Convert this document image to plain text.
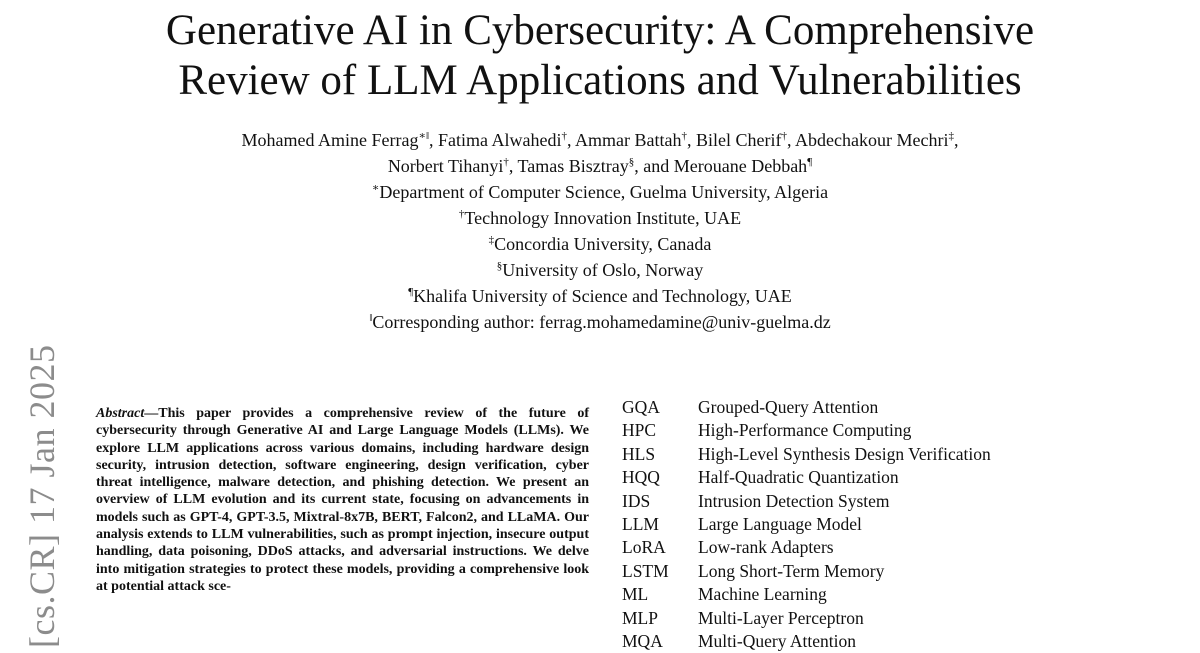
Generative AI in Cybersecurity: A Comprehensive
Review of LLM Applications and Vulnerabilities
Mohamed Amine Ferrag∗‖, Fatima Alwahedi†, Ammar Battah†, Bilel Cherif†, Abdechakour Mechri‡,
Norbert Tihanyi†, Tamas Bisztray§, and Merouane Debbah¶
∗Department of Computer Science, Guelma University, Algeria
†Technology Innovation Institute, UAE
‡Concordia University, Canada
§University of Oslo, Norway
¶Khalifa University of Science and Technology, UAE
‖Corresponding author: ferrag.mohamedamine@univ-guelma.dz
[cs.CR] 17 Jan 2025 Abstract—This paper provides a comprehensive review of the future of cybersecurity through Generative AI and Large Language Models (LLMs). We explore LLM applications across various domains, including hardware design security, intrusion detection, software engineering, design verification, cyber threat intelligence, malware detection, and phishing detection. We present an overview of LLM evolution and its current state, focusing on advancements in models such as GPT-4, GPT-3.5, Mixtral-8x7B, BERT, Falcon2, and LLaMA. Our analysis extends to LLM vulnerabilities, such as prompt injection, insecure output handling, data poisoning, DDoS attacks, and adversarial instructions. We delve into mitigation strategies to protect these models, providing a comprehensive look at potential attack sce-
GQA	Grouped-Query Attention
HPC	High-Performance Computing
HLS	High-Level Synthesis Design Verification
HQQ	Half-Quadratic Quantization
IDS	Intrusion Detection System
LLM	Large Language Model
LoRA	Low-rank Adapters
LSTM	Long Short-Term Memory
ML	Machine Learning
MLP	Multi-Layer Perceptron
MQA	Multi-Query Attention
